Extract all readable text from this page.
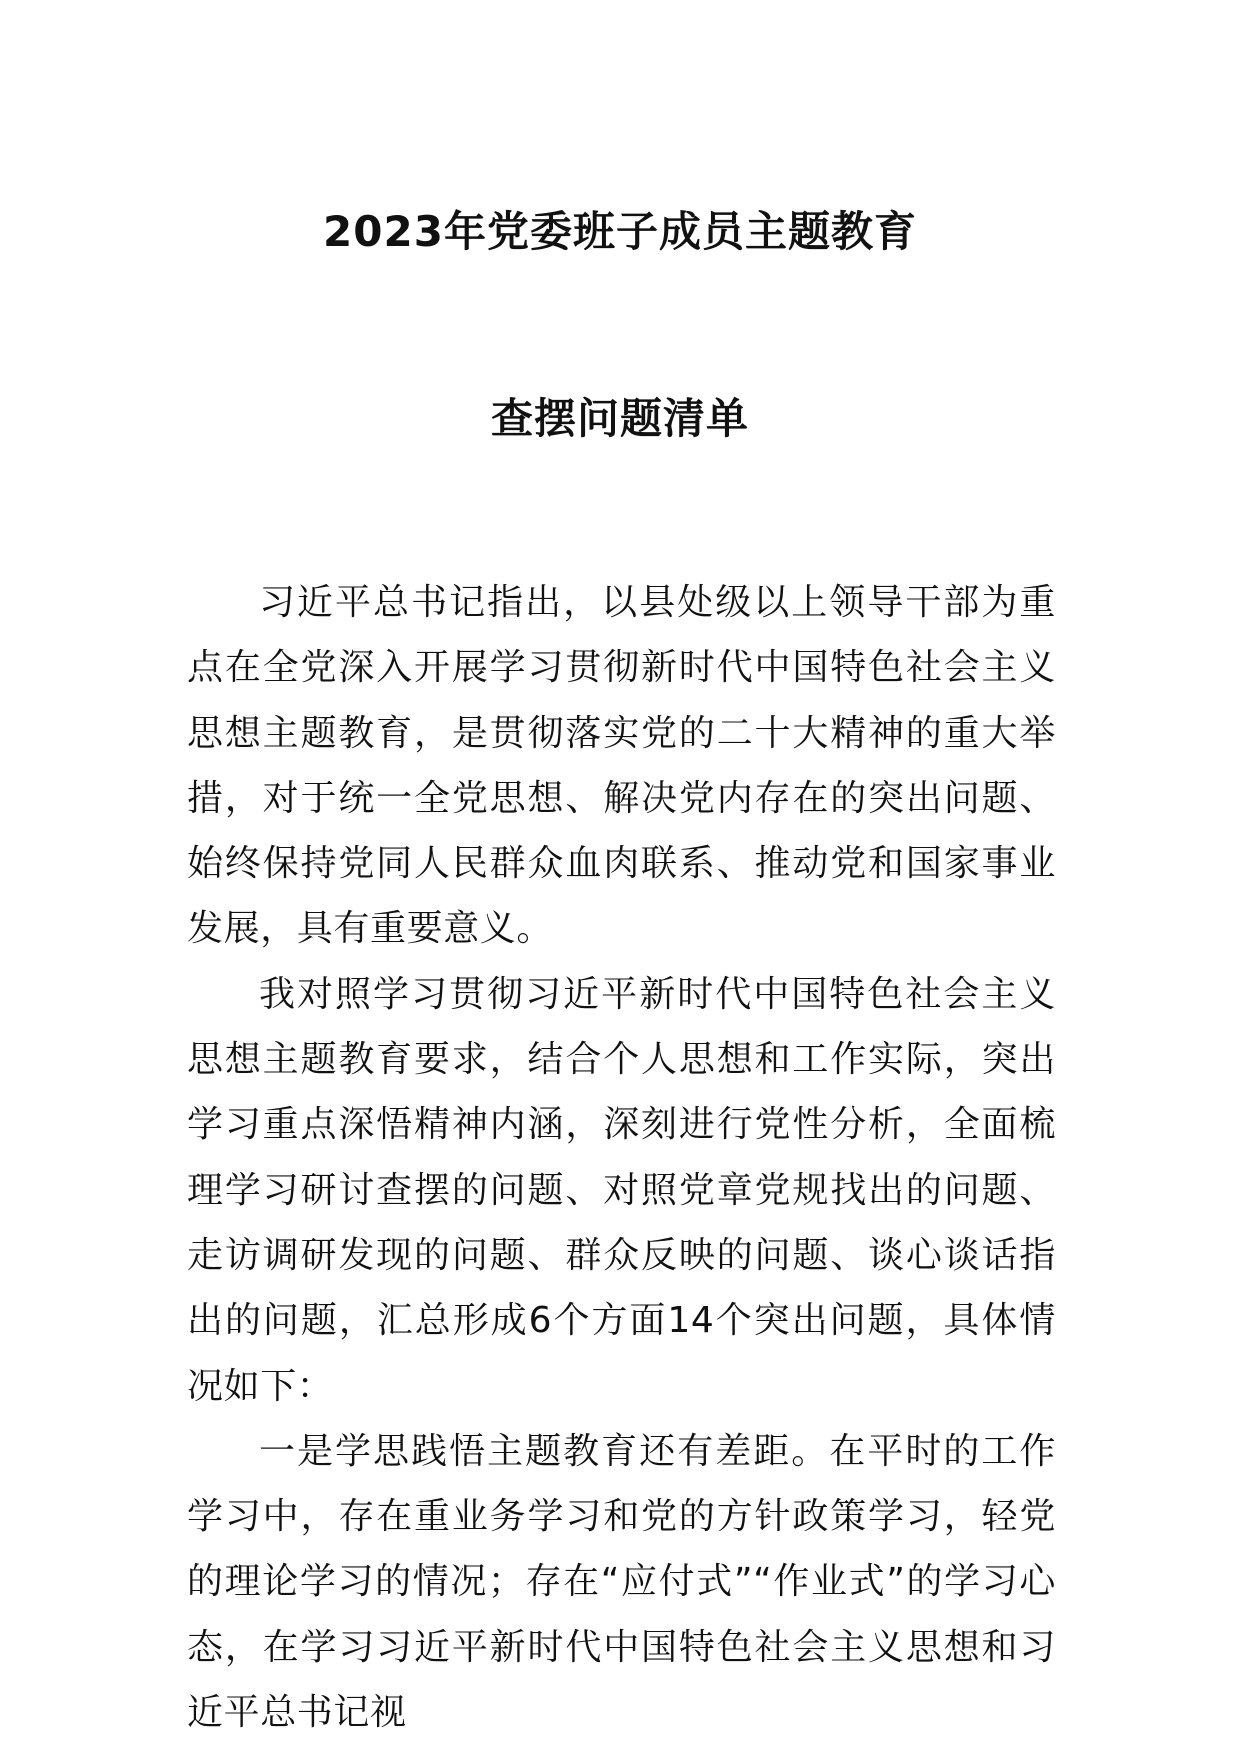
2023年党委班子成员主题教育
查摆问题清单

习近平总书记指出，以县处级以上领导干部为重点在全党深入开展学习贯彻新时代中国特色社会主义思想主题教育，是贯彻落实党的二十大精神的重大举措，对于统一全党思想、解决党内存在的突出问题、始终保持党同人民群众血肉联系、推动党和国家事业发展，具有重要意义。

我对照学习贯彻习近平新时代中国特色社会主义思想主题教育要求，结合个人思想和工作实际，突出学习重点深悟精神内涵，深刻进行党性分析，全面梳理学习研讨查摆的问题、对照党章党规找出的问题、走访调研发现的问题、群众反映的问题、谈心谈话指出的问题，汇总形成6个方面14个突出问题，具体情况如下：

一是学思践悟主题教育还有差距。在平时的工作学习中，存在重业务学习和党的方针政策学习，轻党的理论学习的情况；存在“应付式”“作业式”的学习心态，在学习习近平新时代中国特色社会主义思想和习近平总书记视
